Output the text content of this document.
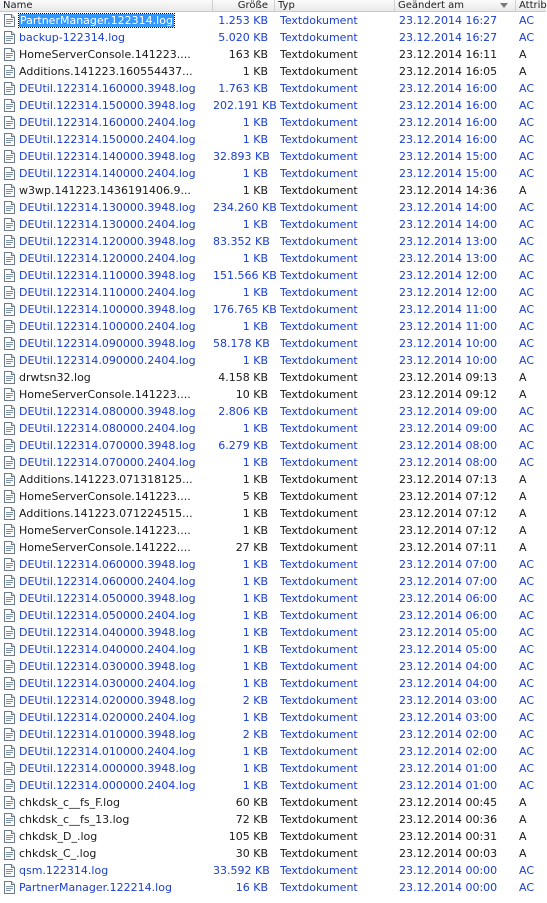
Name	Größe	Typ	Geändert am	Attrib
PartnerManager.122314.log	1.253 KB Textdokument	23.12.2014 16:27	AC
backup-122314.log	5.020 KB Textdokument	23.12.2014 16:27	AC
HomeServerConsole.141223....	163 KB Textdokument	23.12.2014 16:11	A
Additions.141223.160554437...	1 KB Textdokument	23.12.2014 16:05	A
DEUtil.122314.160000.3948.log	1.763 KB Textdokument	23.12.2014 16:00	AC
DEUtil.122314.150000.3948.log	202.191 KB Textdokument	23.12.2014 16:00	AC
DEUtil.122314.160000.2404.log	1 KB Textdokument	23.12.2014 16:00	AC
DEUtil.122314.150000.2404.log	1 KB Textdokument	23.12.2014 16:00	AC
DEUtil.122314.140000.3948.log	32.893 KB Textdokument	23.12.2014 15:00	AC
DEUtil.122314.140000.2404.log	1 KB Textdokument	23.12.2014 15:00	AC
w3wp.141223.1436191406.9...	1 KB Textdokument	23.12.2014 14:36	A
DEUtil.122314.130000.3948.log	234.260 KB Textdokument	23.12.2014 14:00	AC
DEUtil.122314.130000.2404.log	1 KB Textdokument	23.12.2014 14:00	AC
DEUtil.122314.120000.3948.log	83.352 KB Textdokument	23.12.2014 13:00	AC
DEUtil.122314.120000.2404.log	1 KB Textdokument	23.12.2014 13:00	AC
DEUtil.122314.110000.3948.log	151.566 KB Textdokument	23.12.2014 12:00	AC
DEUtil.122314.110000.2404.log	1 KB Textdokument	23.12.2014 12:00	AC
DEUtil.122314.100000.3948.log	176.765 KB Textdokument	23.12.2014 11:00	AC
DEUtil.122314.100000.2404.log	1 KB Textdokument	23.12.2014 11:00	AC
DEUtil.122314.090000.3948.log	58.178 KB Textdokument	23.12.2014 10:00	AC
DEUtil.122314.090000.2404.log	1 KB Textdokument	23.12.2014 10:00	AC
drwtsn32.log	4.158 KB Textdokument	23.12.2014 09:13	A
HomeServerConsole.141223....	10 KB Textdokument	23.12.2014 09:12	A
DEUtil.122314.080000.3948.log	2.806 KB Textdokument	23.12.2014 09:00	AC
DEUtil.122314.080000.2404.log	1 KB Textdokument	23.12.2014 09:00	AC
DEUtil.122314.070000.3948.log	6.279 KB Textdokument	23.12.2014 08:00	AC
DEUtil.122314.070000.2404.log	1 KB Textdokument	23.12.2014 08:00	AC
Additions.141223.071318125...	1 KB Textdokument	23.12.2014 07:13	A
HomeServerConsole.141223....	5 KB Textdokument	23.12.2014 07:12	A
Additions.141223.071224515...	1 KB Textdokument	23.12.2014 07:12	A
HomeServerConsole.141223....	1 KB Textdokument	23.12.2014 07:12	A
HomeServerConsole.141222....	27 KB Textdokument	23.12.2014 07:11	A
DEUtil.122314.060000.3948.log	1 KB Textdokument	23.12.2014 07:00	AC
DEUtil.122314.060000.2404.log	1 KB Textdokument	23.12.2014 07:00	AC
DEUtil.122314.050000.3948.log	1 KB Textdokument	23.12.2014 06:00	AC
DEUtil.122314.050000.2404.log	1 KB Textdokument	23.12.2014 06:00	AC
DEUtil.122314.040000.3948.log	1 KB Textdokument	23.12.2014 05:00	AC
DEUtil.122314.040000.2404.log	1 KB Textdokument	23.12.2014 05:00	AC
DEUtil.122314.030000.3948.log	1 KB Textdokument	23.12.2014 04:00	AC
DEUtil.122314.030000.2404.log	1 KB Textdokument	23.12.2014 04:00	AC
DEUtil.122314.020000.3948.log	2 KB Textdokument	23.12.2014 03:00	AC
DEUtil.122314.020000.2404.log	1 KB Textdokument	23.12.2014 03:00	AC
DEUtil.122314.010000.3948.log	2 KB Textdokument	23.12.2014 02:00	AC
DEUtil.122314.010000.2404.log	1 KB Textdokument	23.12.2014 02:00	AC
DEUtil.122314.000000.3948.log	1 KB Textdokument	23.12.2014 01:00	AC
DEUtil.122314.000000.2404.log	1 KB Textdokument	23.12.2014 01:00	AC
chkdsk_c__fs_F.log	60 KB Textdokument	23.12.2014 00:45	A
chkdsk_c__fs_13.log	72 KB Textdokument	23.12.2014 00:36	A
chkdsk_D_.log	105 KB Textdokument	23.12.2014 00:31	A
chkdsk_C_.log	30 KB Textdokument	23.12.2014 00:03	A
qsm.122314.log	33.592 KB Textdokument	23.12.2014 00:00	AC
PartnerManager.122214.log	16 KB Textdokument	23.12.2014 00:00	AC
